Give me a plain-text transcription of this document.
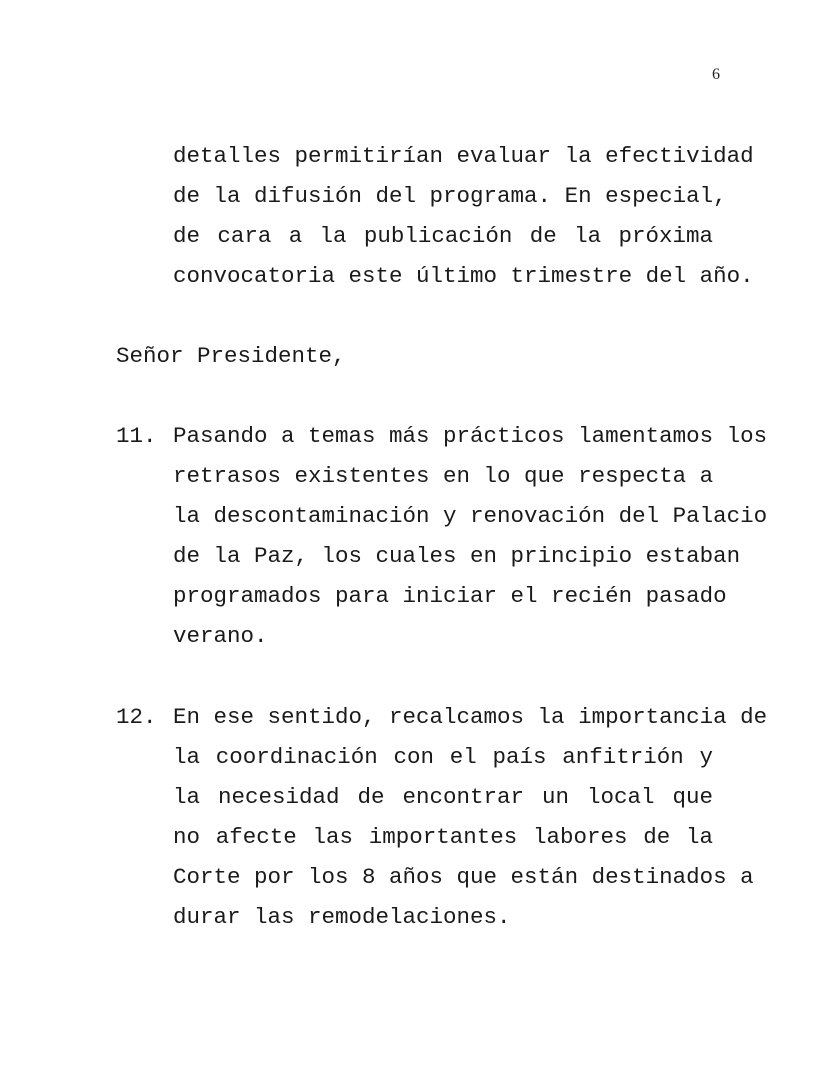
6
detalles permitirían evaluar la efectividad
de la difusión del programa. En especial,
de cara a la publicación de la próxima
convocatoria este último trimestre del año.

Señor Presidente,

11. Pasando a temas más prácticos lamentamos los
retrasos existentes en lo que respecta a
la descontaminación y renovación del Palacio
de la Paz, los cuales en principio estaban
programados para iniciar el recién pasado
verano.
12. En ese sentido, recalcamos la importancia de
la coordinación con el país anfitrión y
la necesidad de encontrar un local que
no afecte las importantes labores de la
Corte por los 8 años que están destinados a
durar las remodelaciones.
